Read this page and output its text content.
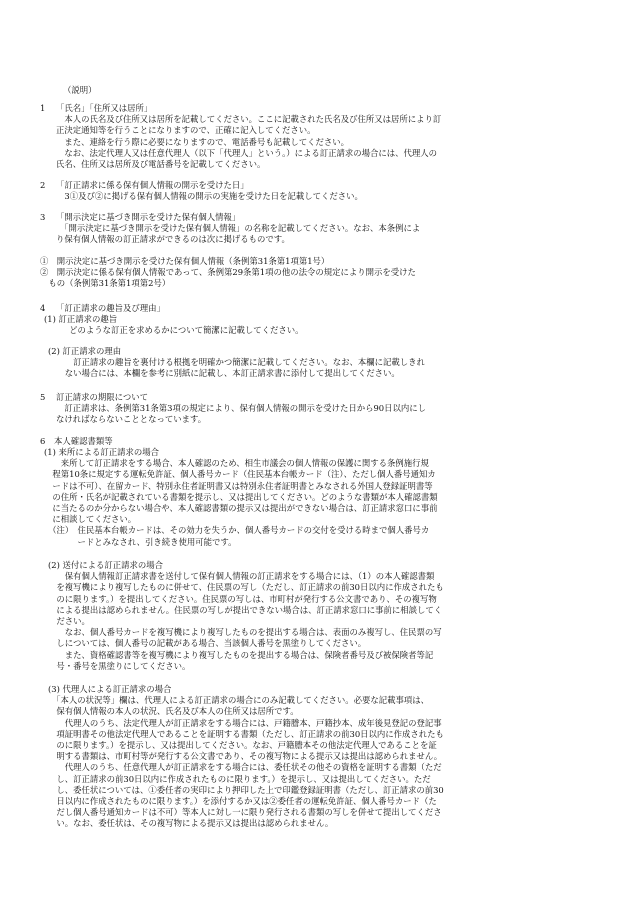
（説明）

1 「氏名」「住所又は居所」

　本人の氏名及び住所又は居所を記載してください。ここに記載された氏名及び住所又は居所により訂

正決定通知等を行うことになりますので、正確に記入してください。

　また、連絡を行う際に必要になりますので、電話番号も記載してください。

　なお、法定代理人又は任意代理人（以下「代理人」という。）による訂正請求の場合には、代理人の

氏名、住所又は居所及び電話番号を記載してください。

2 「訂正請求に係る保有個人情報の開示を受けた日」

　3①及び②に掲げる保有個人情報の開示の実施を受けた日を記載してください。

3 「開示決定に基づき開示を受けた保有個人情報」

　「開示決定に基づき開示を受けた保有個人情報」の名称を記載してください。なお、本条例によ

り保有個人情報の訂正請求ができるのは次に掲げるものです。

①　開示決定に基づき開示を受けた保有個人情報（条例第31条第1項第1号）

②　開示決定に係る保有個人情報であって、条例第29条第1項の他の法令の規定により開示を受けた

　もの（条例第31条第1項第2号）

4 「訂正請求の趣旨及び理由」

(1) 訂正請求の趣旨

　　　どのような訂正を求めるかについて簡潔に記載してください。

(2) 訂正請求の理由

　　　訂正請求の趣旨を裏付ける根拠を明確かつ簡潔に記載してください。なお、本欄に記載しきれ

　　ない場合には、本欄を参考に別紙に記載し、本訂正請求書に添付して提出してください。

5 訂正請求の期限について

　訂正請求は、条例第31条第3項の規定により、保有個人情報の開示を受けた日から90日以内にし

なければならないこととなっています。

6 本人確認書類等

(1) 来所による訂正請求の場合

　　来所して訂正請求をする場合、本人確認のため、相生市議会の個人情報の保護に関する条例施行規

　程第10条に規定する運転免許証、個人番号カード（住民基本台帳カード（注）、ただし個人番号通知カ

　ードは不可）、在留カード、特別永住者証明書又は特別永住者証明書とみなされる外国人登録証明書等

　の住所・氏名が記載されている書類を提示し、又は提出してください。どのような書類が本人確認書類

　に当たるのか分からない場合や、本人確認書類の提示又は提出ができない場合は、訂正請求窓口に事前

　に相談してください。

　（注）　住民基本台帳カードは、その効力を失うか、個人番号カードの交付を受ける時まで個人番号カ

　　　　ードとみなされ、引き続き使用可能です。

(2) 送付による訂正請求の場合

　　保有個人情報訂正請求書を送付して保有個人情報の訂正請求をする場合には、（1）の本人確認書類

　を複写機により複写したものに併せて、住民票の写し（ただし、訂正請求の前30日以内に作成されたも

　のに限ります。）を提出してください。住民票の写しは、市町村が発行する公文書であり、その複写物

　による提出は認められません。住民票の写しが提出できない場合は、訂正請求窓口に事前に相談してく

　ださい。

　　なお、個人番号カードを複写機により複写したものを提出する場合は、表面のみ複写し、住民票の写

　しについては、個人番号の記載がある場合、当該個人番号を黒塗りしてください。

　　また、資格確認書等を複写機により複写したものを提出する場合は、保険者番号及び被保険者等記

　号・番号を黒塗りにしてください。

(3) 代理人による訂正請求の場合

　「本人の状況等」欄は、代理人による訂正請求の場合にのみ記載してください。必要な記載事項は、

　保有個人情報の本人の状況、氏名及び本人の住所又は居所です。

　　代理人のうち、法定代理人が訂正請求をする場合には、戸籍謄本、戸籍抄本、成年後見登記の登記事

　項証明書その他法定代理人であることを証明する書類（ただし、訂正請求の前30日以内に作成されたも

　のに限ります。）を提示し、又は提出してください。なお、戸籍謄本その他法定代理人であることを証

　明する書類は、市町村等が発行する公文書であり、その複写物による提示又は提出は認められません。

　　代理人のうち、任意代理人が訂正請求をする場合には、委任状その他その資格を証明する書類（ただ

　し、訂正請求の前30日以内に作成されたものに限ります。）を提示し、又は提出してください。ただ

　し、委任状については、①委任者の実印により押印した上で印鑑登録証明書（ただし、訂正請求の前30

　日以内に作成されたものに限ります。）を添付するか又は②委任者の運転免許証、個人番号カード（た

　だし個人番号通知カードは不可）等本人に対し一に限り発行される書類の写しを併せて提出してくださ

　い。なお、委任状は、その複写物による提示又は提出は認められません。
